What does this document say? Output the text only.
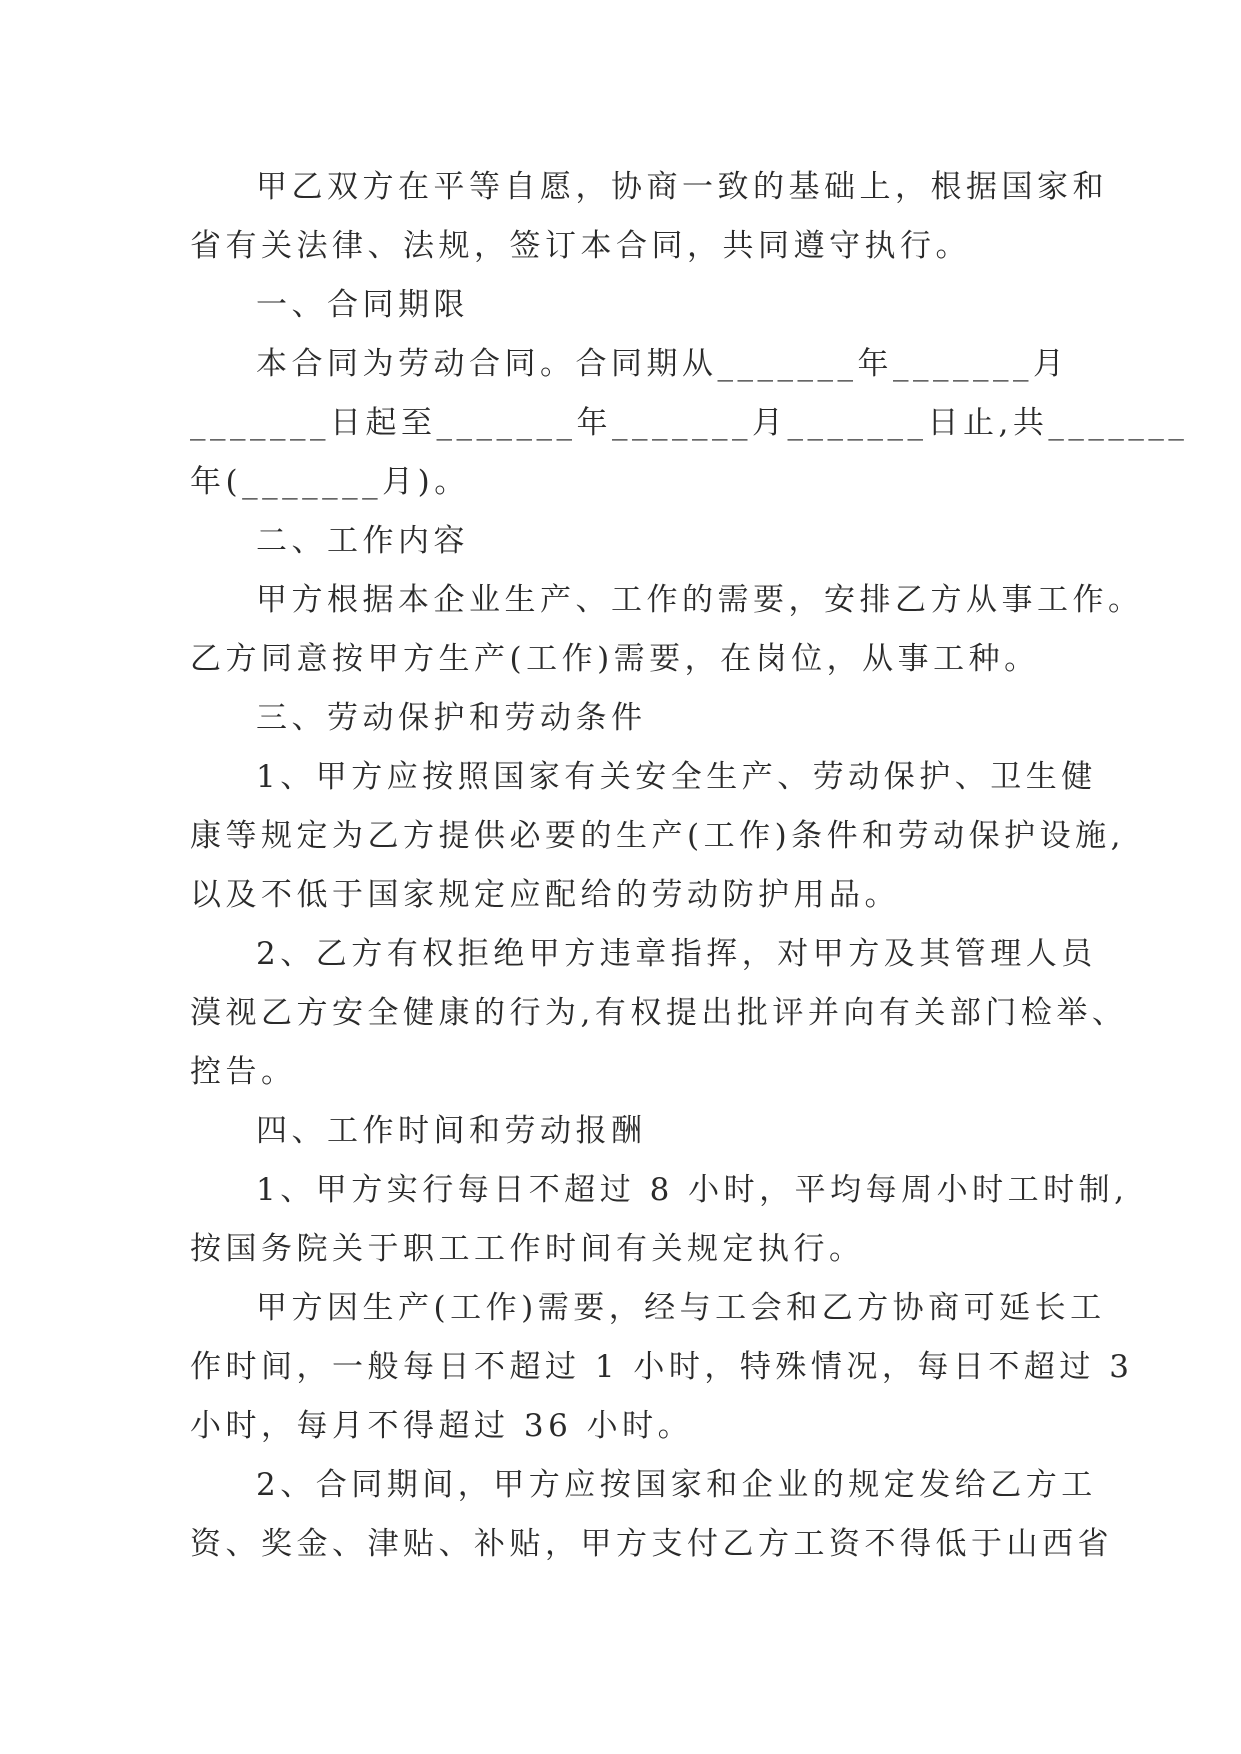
甲乙双方在平等自愿，协商一致的基础上，根据国家和

省有关法律、法规，签订本合同，共同遵守执行。

一、合同期限

本合同为劳动合同。合同期从_______年_______月

_______日起至_______年_______月_______日止,共_______

年(_______月)。

二、工作内容

甲方根据本企业生产、工作的需要，安排乙方从事工作。

乙方同意按甲方生产(工作)需要，在岗位，从事工种。

三、劳动保护和劳动条件

1、甲方应按照国家有关安全生产、劳动保护、卫生健

康等规定为乙方提供必要的生产(工作)条件和劳动保护设施,

以及不低于国家规定应配给的劳动防护用品。

2、乙方有权拒绝甲方违章指挥，对甲方及其管理人员

漠视乙方安全健康的行为,有权提出批评并向有关部门检举、

控告。

四、工作时间和劳动报酬

1、甲方实行每日不超过 8 小时，平均每周小时工时制,

按国务院关于职工工作时间有关规定执行。

甲方因生产(工作)需要，经与工会和乙方协商可延长工

作时间，一般每日不超过 1 小时，特殊情况，每日不超过 3

小时，每月不得超过 36 小时。

2、合同期间，甲方应按国家和企业的规定发给乙方工

资、奖金、津贴、补贴，甲方支付乙方工资不得低于山西省
